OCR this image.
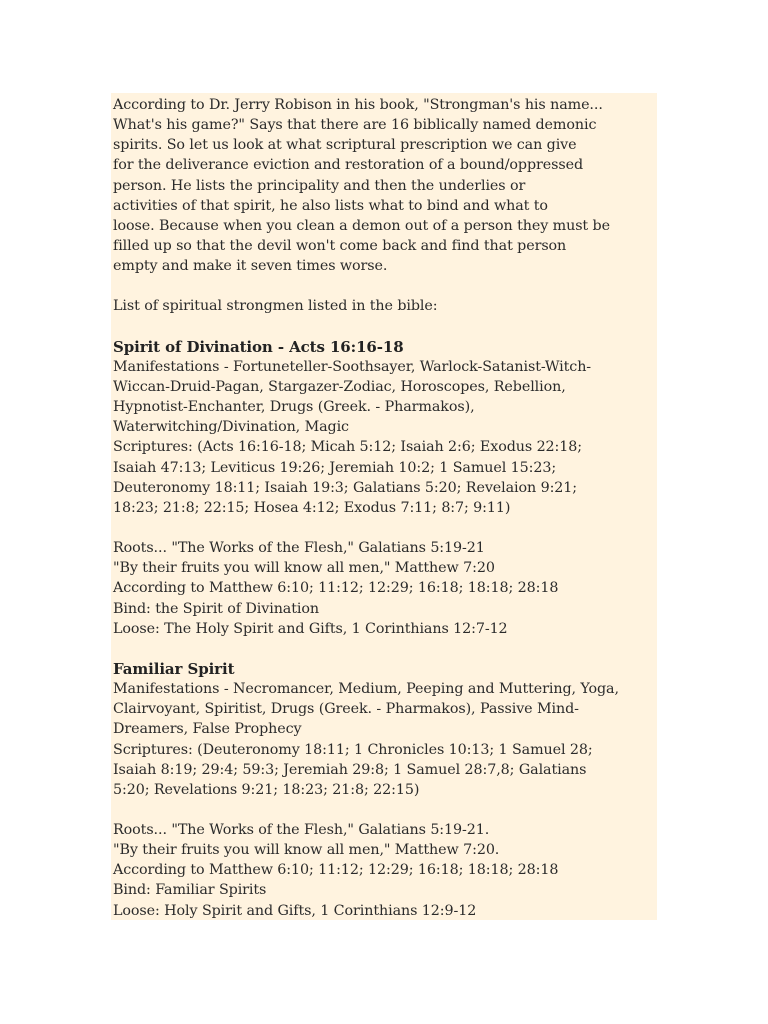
According to Dr. Jerry Robison in his book, "Strongman's his name...
What's his game?" Says that there are 16 biblically named demonic
spirits. So let us look at what scriptural prescription we can give
for the deliverance eviction and restoration of a bound/oppressed
person. He lists the principality and then the underlies or
activities of that spirit, he also lists what to bind and what to
loose. Because when you clean a demon out of a person they must be
filled up so that the devil won't come back and find that person
empty and make it seven times worse.
List of spiritual strongmen listed in the bible:
Spirit of Divination - Acts 16:16-18
Manifestations - Fortuneteller-Soothsayer, Warlock-Satanist-Witch-
Wiccan-Druid-Pagan, Stargazer-Zodiac, Horoscopes, Rebellion,
Hypnotist-Enchanter, Drugs (Greek. - Pharmakos),
Waterwitching/Divination, Magic
Scriptures: (Acts 16:16-18; Micah 5:12; Isaiah 2:6; Exodus 22:18;
Isaiah 47:13; Leviticus 19:26; Jeremiah 10:2; 1 Samuel 15:23;
Deuteronomy 18:11; Isaiah 19:3; Galatians 5:20; Revelaion 9:21;
18:23; 21:8; 22:15; Hosea 4:12; Exodus 7:11; 8:7; 9:11)
Roots... "The Works of the Flesh," Galatians 5:19-21
"By their fruits you will know all men," Matthew 7:20
According to Matthew 6:10; 11:12; 12:29; 16:18; 18:18; 28:18
Bind: the Spirit of Divination
Loose: The Holy Spirit and Gifts, 1 Corinthians 12:7-12
Familiar Spirit
Manifestations - Necromancer, Medium, Peeping and Muttering, Yoga,
Clairvoyant, Spiritist, Drugs (Greek. - Pharmakos), Passive Mind-
Dreamers, False Prophecy
Scriptures: (Deuteronomy 18:11; 1 Chronicles 10:13; 1 Samuel 28;
Isaiah 8:19; 29:4; 59:3; Jeremiah 29:8; 1 Samuel 28:7,8; Galatians
5:20; Revelations 9:21; 18:23; 21:8; 22:15)
Roots... "The Works of the Flesh," Galatians 5:19-21.
"By their fruits you will know all men," Matthew 7:20.
According to Matthew 6:10; 11:12; 12:29; 16:18; 18:18; 28:18
Bind: Familiar Spirits
Loose: Holy Spirit and Gifts, 1 Corinthians 12:9-12
